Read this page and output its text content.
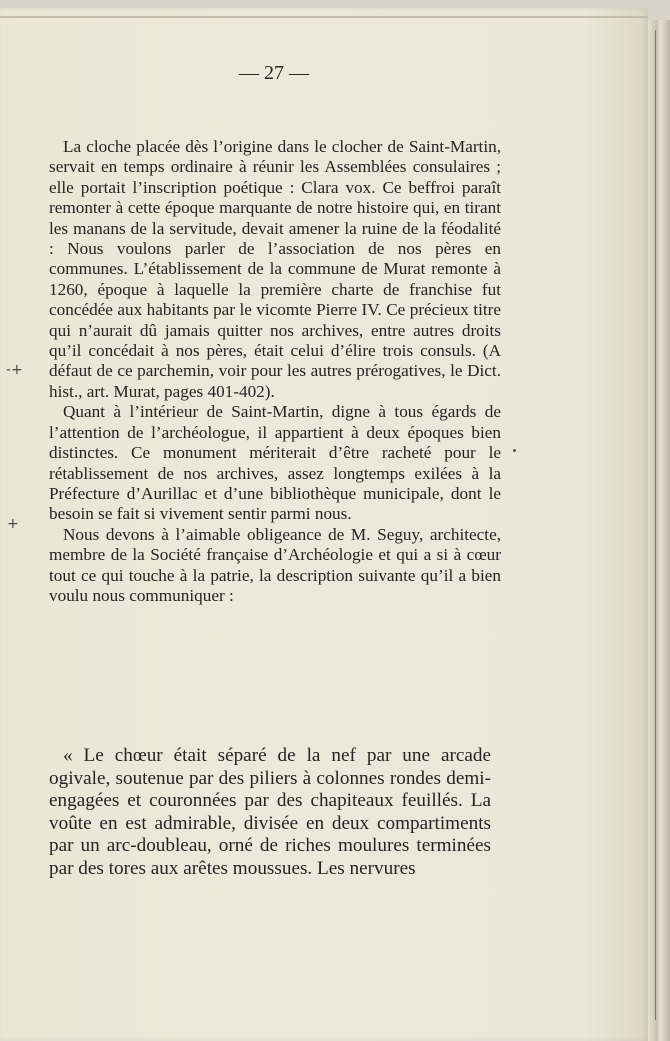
— 27 —

La cloche placée dès l’origine dans le clocher de Saint-Martin, servait en temps ordinaire à réunir les Assemblées consulaires ; elle portait l’inscription poétique : Clara vox. Ce beffroi paraît remonter à cette époque marquante de notre histoire qui, en tirant les manans de la servitude, devait amener la ruine de la féodalité : Nous voulons parler de l’association de nos pères en communes. L’établissement de la commune de Murat remonte à 1260, époque à laquelle la première charte de franchise fut concédée aux habitants par le vicomte Pierre IV. Ce précieux titre qui n’aurait dû jamais quitter nos archives, entre autres droits qu’il concédait à nos pères, était celui d’élire trois consuls. (A défaut de ce parchemin, voir pour les autres prérogatives, le Dict. hist., art. Murat, pages 401-402).

Quant à l’intérieur de Saint-Martin, digne à tous égards de l’attention de l’archéologue, il appartient à deux époques bien distinctes. Ce monument mériterait d’être racheté pour le rétablissement de nos archives, assez longtemps exilées à la Préfecture d’Aurillac et d’une bibliothèque municipale, dont le besoin se fait si vivement sentir parmi nous.

Nous devons à l’aimable obligeance de M. Seguy, architecte, membre de la Société française d’Archéologie et qui a si à cœur tout ce qui touche à la patrie, la description suivante qu’il a bien voulu nous communiquer :

« Le chœur était séparé de la nef par une arcade ogivale, soutenue par des piliers à colonnes rondes demi-engagées et couronnées par des chapiteaux feuillés. La voûte en est admirable, divisée en deux compartiments par un arc-doubleau, orné de riches moulures terminées par des tores aux arêtes moussues. Les nervures

-+
+
